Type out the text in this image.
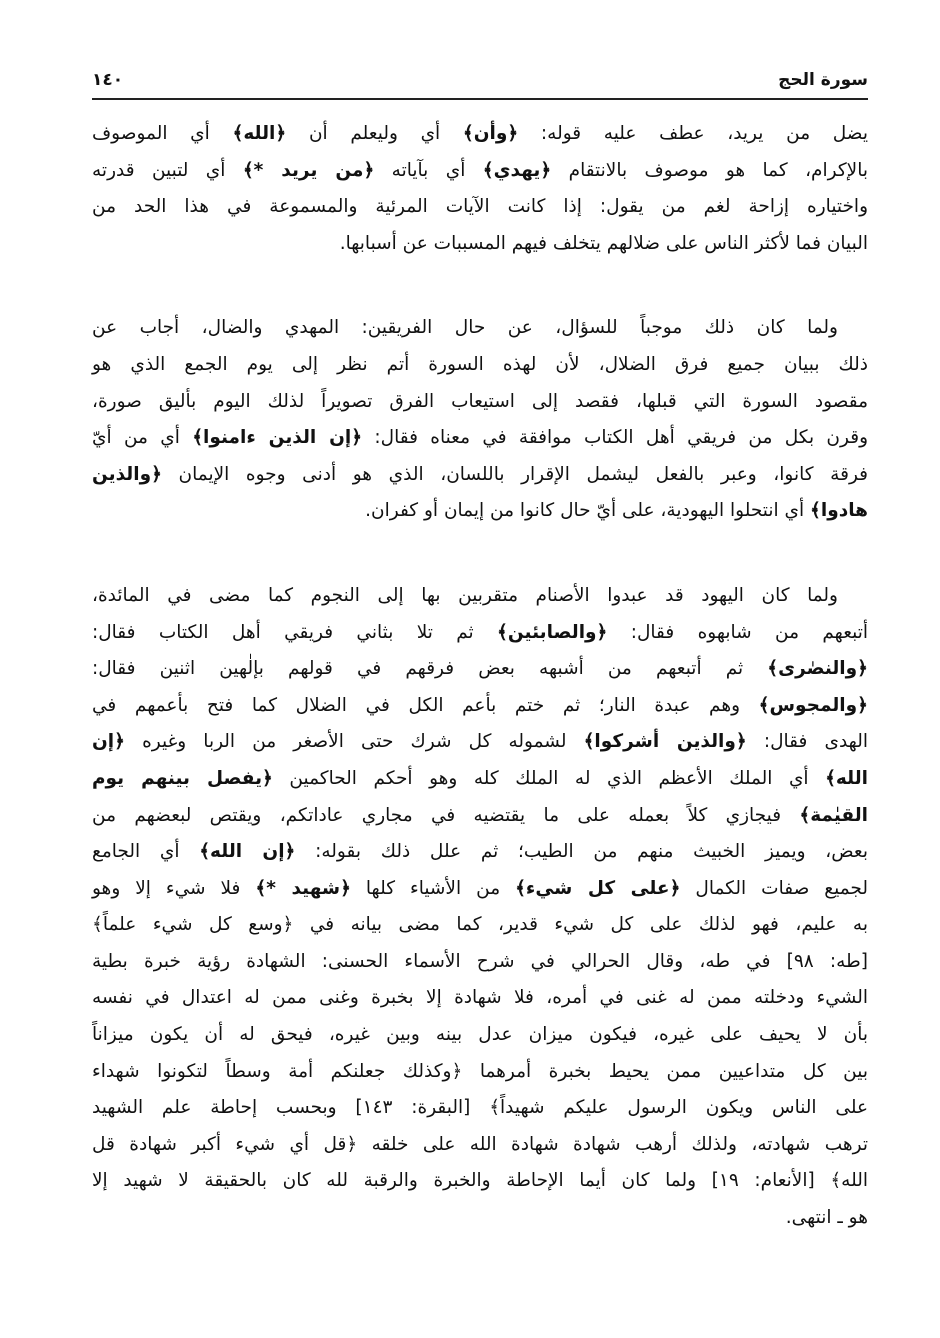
سورة الحج
١٤٠
يضل من يريد، عطف عليه قوله: ﴿وأن﴾ أي وليعلم أن ﴿الله﴾ أي الموصوف
بالإكرام، كما هو موصوف بالانتقام ﴿يهدي﴾ أي بآياته ﴿من يريد *﴾ أي لتبين قدرته
واختياره إزاحة لغم من يقول: إذا كانت الآيات المرئية والمسموعة في هذا الحد من
البيان فما لأكثر الناس على ضلالهم يتخلف فيهم المسببات عن أسبابها.
ولما كان ذلك موجباً للسؤال، عن حال الفريقين: المهدي والضال، أجاب عن
ذلك ببيان جميع فرق الضلال، لأن لهذه السورة أتم نظر إلى يوم الجمع الذي هو
مقصود السورة التي قبلها، فقصد إلى استيعاب الفرق تصويراً لذلك اليوم بأليق صورة،
وقرن بكل من فريقي أهل الكتاب موافقة في معناه فقال: ﴿إن الذين ءامنوا﴾ أي من أيّ
فرقة كانوا، وعبر بالفعل ليشمل الإقرار باللسان، الذي هو أدنى وجوه الإيمان ﴿والذين
هادوا﴾ أي انتحلوا اليهودية، على أيّ حال كانوا من إيمان أو كفران.
ولما كان اليهود قد عبدوا الأصنام متقربين بها إلى النجوم كما مضى في المائدة،
أتبعهم من شابهوه فقال: ﴿والصابئين﴾ ثم تلا بثاني فريقي أهل الكتاب فقال:
﴿والنصٰرى﴾ ثم أتبعهم من أشبهه بعض فرقهم في قولهم بإلٰهين اثنين فقال:
﴿والمجوس﴾ وهم عبدة النار؛ ثم ختم بأعم الكل في الضلال كما فتح بأعمهم في
الهدى فقال: ﴿والذين أشركوا﴾ لشموله كل شرك حتى الأصغر من الربا وغيره ﴿إن
الله﴾ أي الملك الأعظم الذي له الملك كله وهو أحكم الحاكمين ﴿يفصل بينهم يوم
القيٰمة﴾ فيجازي كلاً بعمله على ما يقتضيه في مجاري عاداتكم، ويقتص لبعضهم من
بعض، ويميز الخبيث منهم من الطيب؛ ثم علل ذلك بقوله: ﴿إن الله﴾ أي الجامع
لجميع صفات الكمال ﴿على كل شيء﴾ من الأشياء كلها ﴿شهيد *﴾ فلا شيء إلا وهو
به عليم، فهو لذلك على كل شيء قدير، كما مضى بيانه في ﴿وسع كل شيء علماً﴾
[طه: ٩٨] في طه، وقال الحرالي في شرح الأسماء الحسنى: الشهادة رؤية خبرة بطية
الشيء ودخلته ممن له غنى في أمره، فلا شهادة إلا بخبرة وغنى ممن له اعتدال في نفسه
بأن لا يحيف على غيره، فيكون ميزان عدل بينه وبين غيره، فيحق له أن يكون ميزاناً
بين كل متداعيين ممن يحيط بخبرة أمرهما ﴿وكذلك جعلنكم أمة وسطاً لتكونوا شهداء
على الناس ويكون الرسول عليكم شهيداً﴾ [البقرة: ١٤٣] وبحسب إحاطة علم الشهيد
ترهب شهادته، ولذلك أرهب شهادة شهادة الله على خلقه ﴿قل أي شيء أكبر شهادة قل
الله﴾ [الأنعام: ١٩] ولما كان أيما الإحاطة والخبرة والرقبة لله كان بالحقيقة لا شهيد إلا
هو ـ انتهى.
